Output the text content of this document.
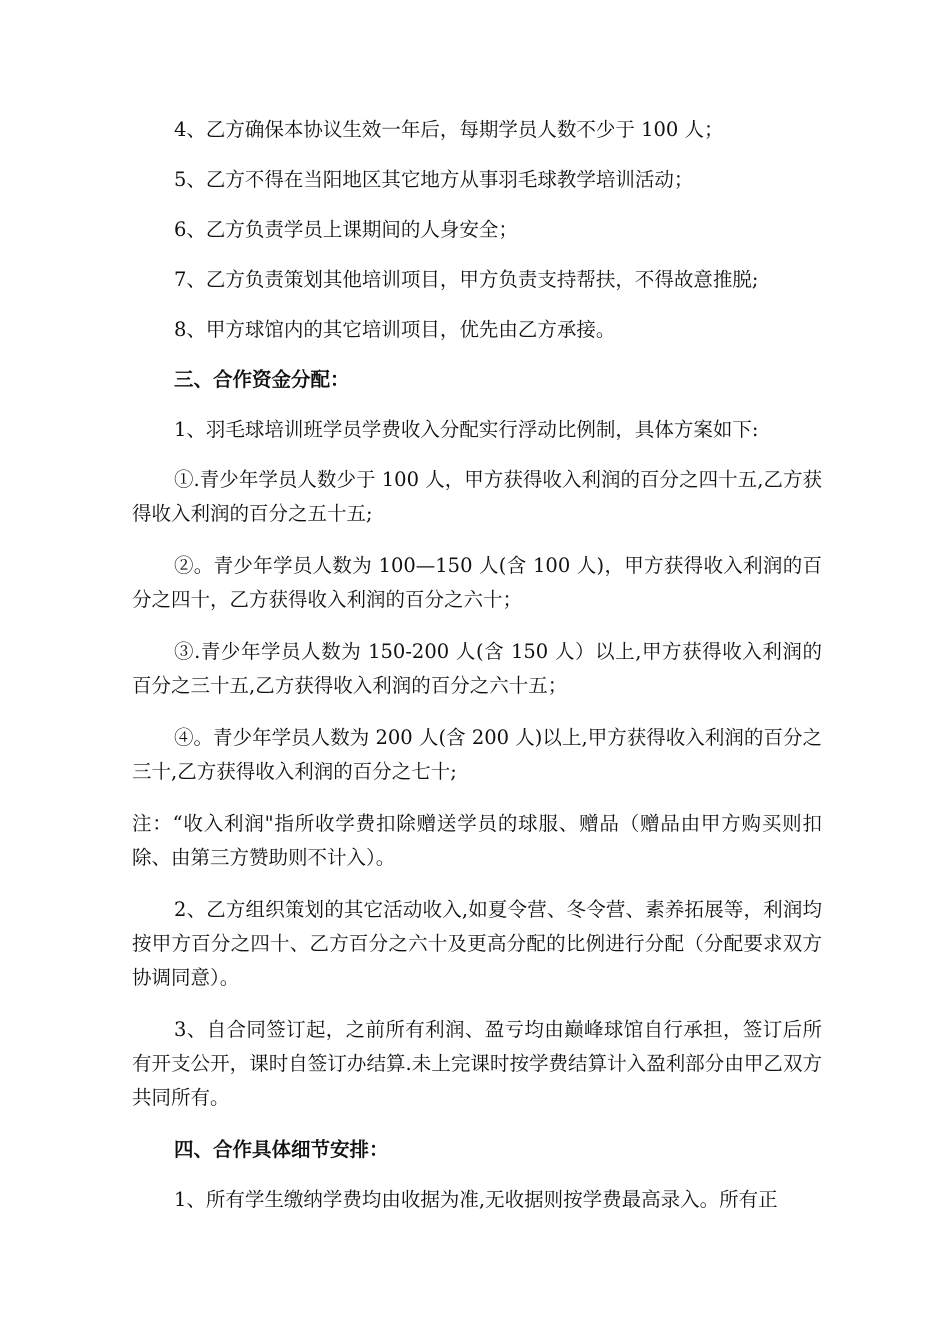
4、乙方确保本协议生效一年后，每期学员人数不少于 100 人；

5、乙方不得在当阳地区其它地方从事羽毛球教学培训活动；

6、乙方负责学员上课期间的人身安全；

7、乙方负责策划其他培训项目，甲方负责支持帮扶，不得故意推脱;

8、甲方球馆内的其它培训项目，优先由乙方承接。

三、合作资金分配：

1、羽毛球培训班学员学费收入分配实行浮动比例制，具体方案如下:

①.青少年学员人数少于 100 人，甲方获得收入利润的百分之四十五,乙方获得收入利润的百分之五十五;

②。青少年学员人数为 100—150 人(含 100 人)，甲方获得收入利润的百分之四十，乙方获得收入利润的百分之六十；

③.青少年学员人数为 150-200 人(含 150 人）以上,甲方获得收入利润的百分之三十五,乙方获得收入利润的百分之六十五；

④。青少年学员人数为 200 人(含 200 人)以上,甲方获得收入利润的百分之三十,乙方获得收入利润的百分之七十;

注：“收入利润"指所收学费扣除赠送学员的球服、赠品（赠品由甲方购买则扣除、由第三方赞助则不计入）。

2、乙方组织策划的其它活动收入,如夏令营、冬令营、素养拓展等，利润均按甲方百分之四十、乙方百分之六十及更高分配的比例进行分配（分配要求双方协调同意）。

3、自合同签订起，之前所有利润、盈亏均由巅峰球馆自行承担，签订后所有开支公开，课时自签订办结算.未上完课时按学费结算计入盈利部分由甲乙双方共同所有。

四、合作具体细节安排：

1、所有学生缴纳学费均由收据为准,无收据则按学费最高录入。所有正
